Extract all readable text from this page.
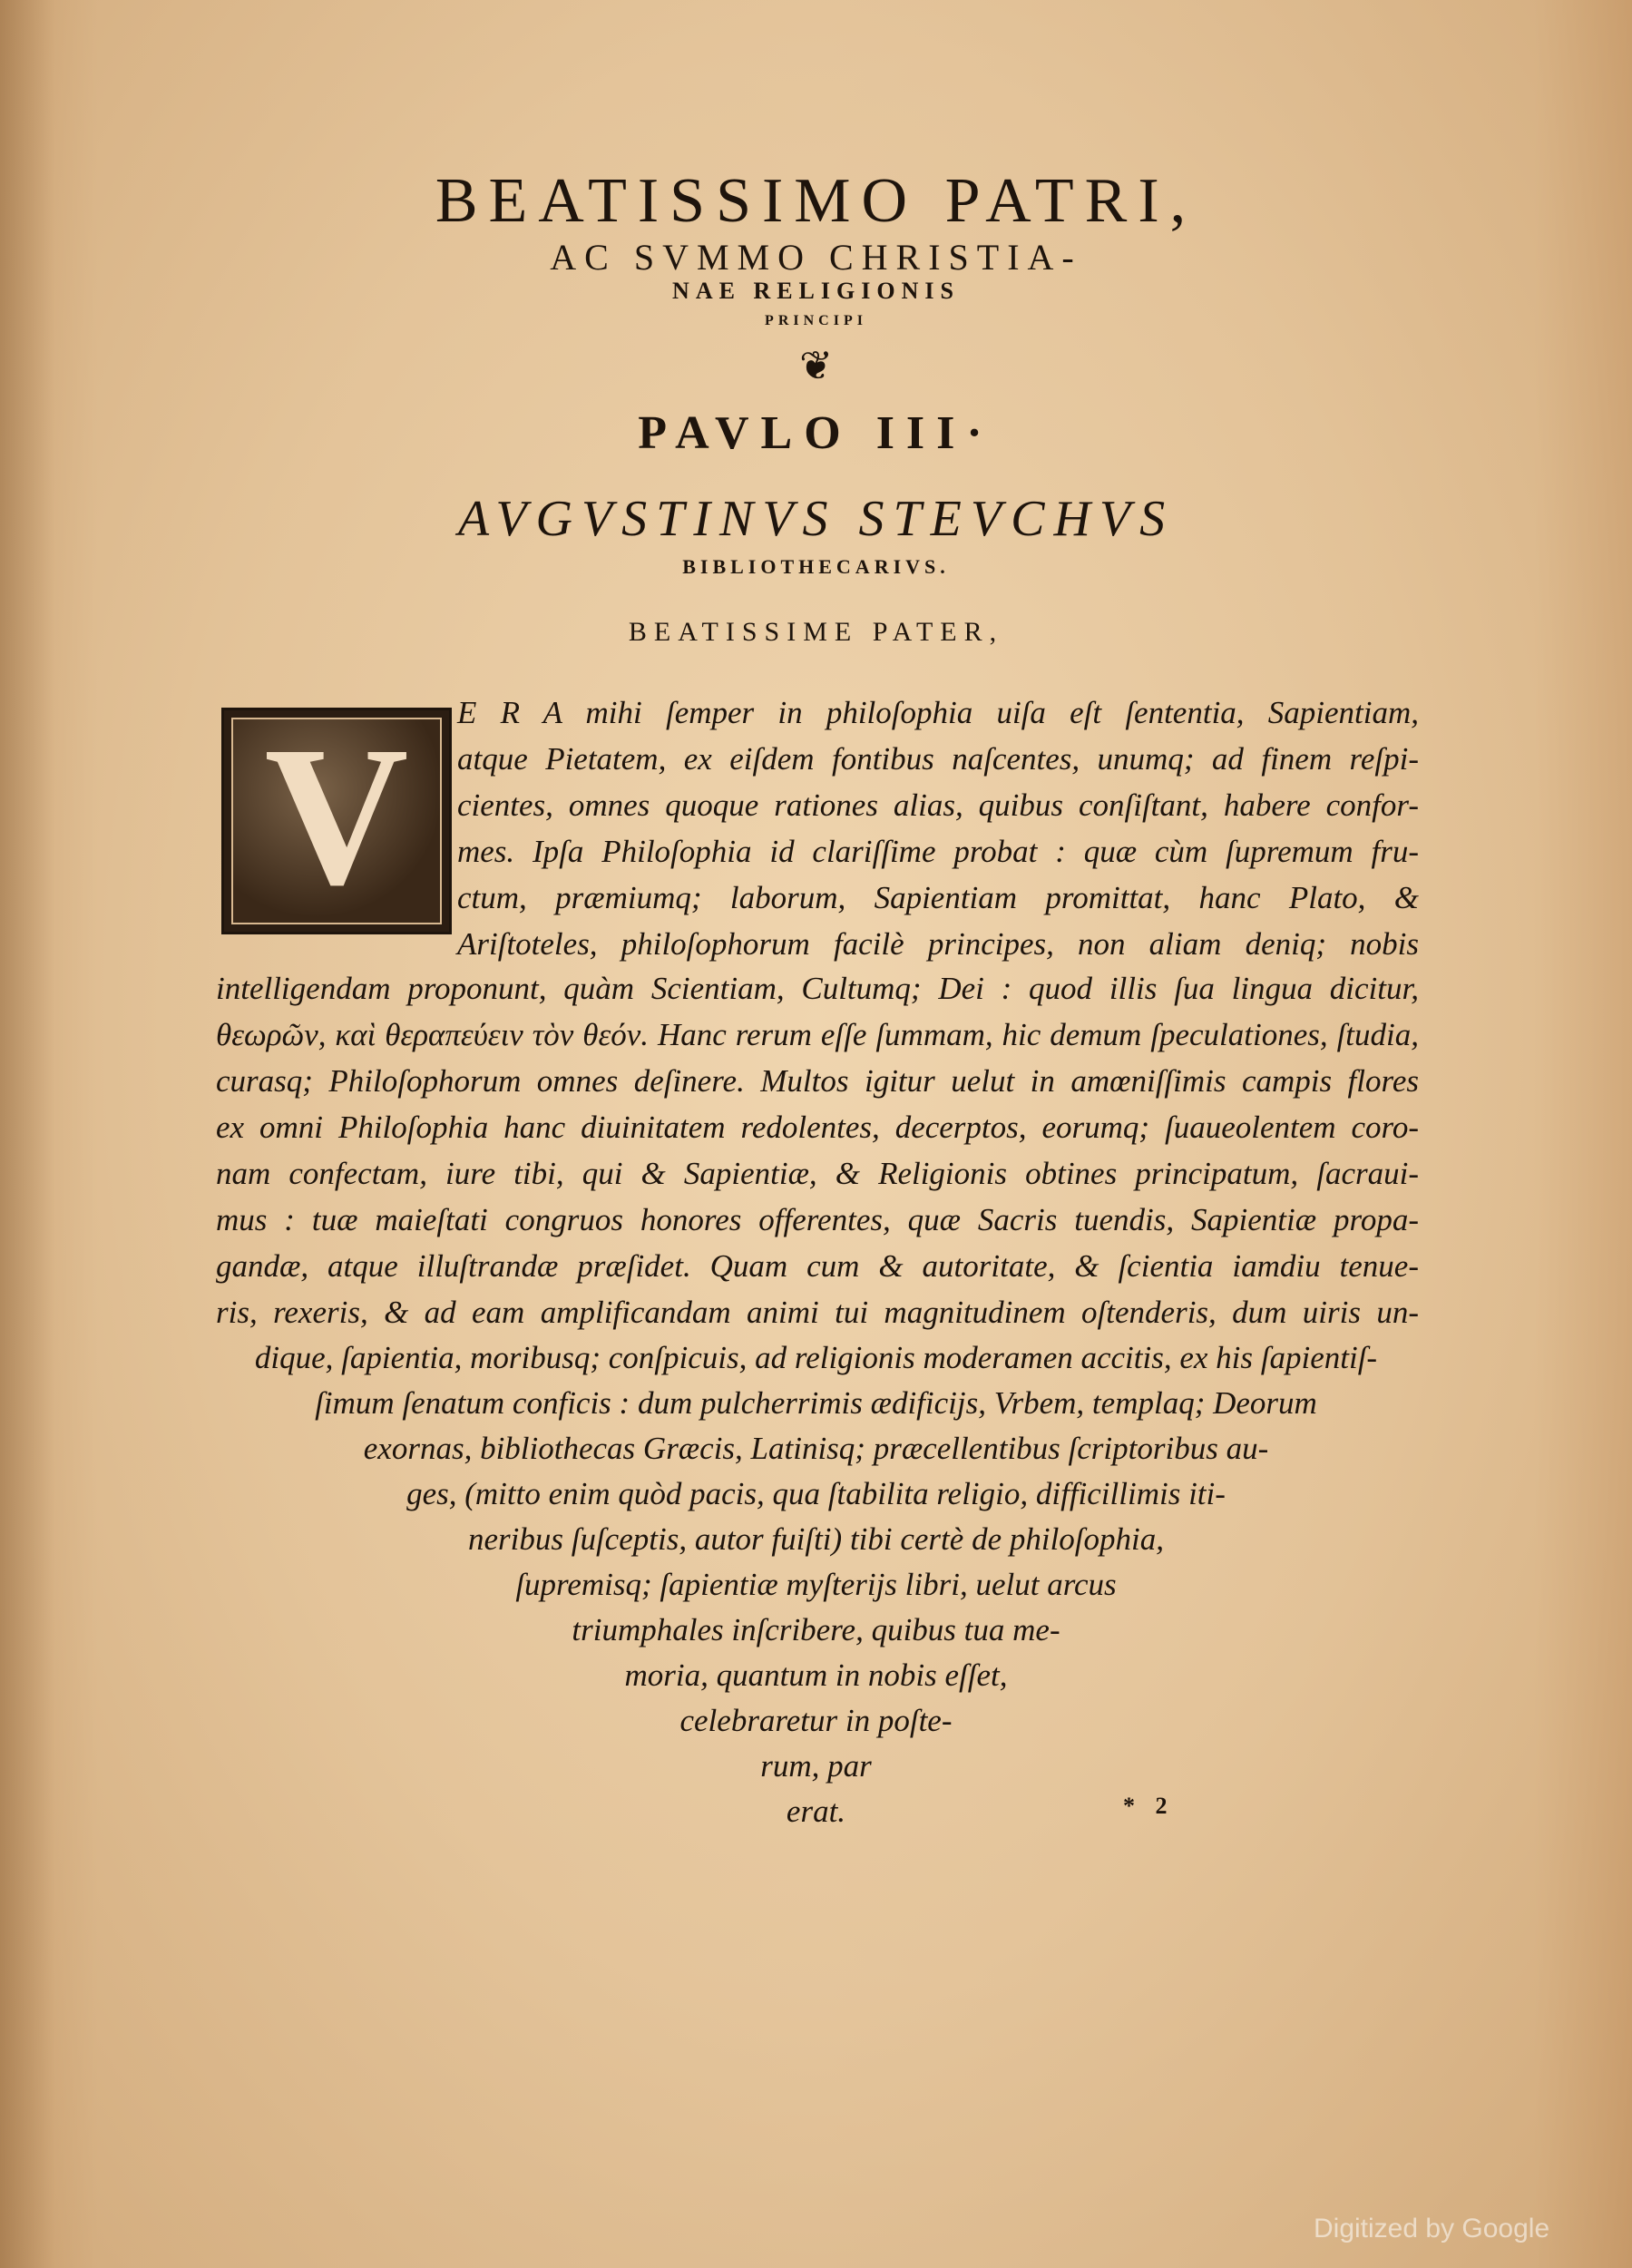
BEATISSIMO PATRI,
AC SVMMO CHRISTIA-
NAE RELIGIONIS
PRINCIPI
❦
PAVLO III·
AVGVSTINVS STEVCHVS
BIBLIOTHECARIVS.
BEATISSIME PATER,
V	E R A mihi ſemper in philoſophia uiſa eſt ſententia, Sapientiam,
atque Pietatem, ex eiſdem fontibus naſcentes, unumq; ad finem reſpi-
cientes, omnes quoque rationes alias, quibus conſiſtant, habere confor-
mes. Ipſa Philoſophia id clariſſime probat : quæ cùm ſupremum fru-
ctum, præmiumq; laborum, Sapientiam promittat, hanc Plato, &
Ariſtoteles, philoſophorum facilè principes, non aliam deniq; nobis
intelligendam proponunt, quàm Scientiam, Cultumq; Dei : quod illis ſua lingua dicitur,
θεωρῶν, καὶ θεραπεύειν τὸν θεόν. Hanc rerum eſſe ſummam, hic demum ſpeculationes, ſtudia,
curasq; Philoſophorum omnes deſinere. Multos igitur uelut in amœniſſimis campis flores
ex omni Philoſophia hanc diuinitatem redolentes, decerptos, eorumq; ſuaueolentem coro-
nam confectam, iure tibi, qui & Sapientiæ, & Religionis obtines principatum, ſacraui-
mus : tuæ maieſtati congruos honores offerentes, quæ Sacris tuendis, Sapientiæ propa-
gandæ, atque illuſtrandæ præſidet. Quam cum & autoritate, & ſcientia iamdiu tenue-
ris, rexeris, & ad eam amplificandam animi tui magnitudinem oſtenderis, dum uiris un-
dique, ſapientia, moribusq; conſpicuis, ad religionis moderamen accitis, ex his ſapientiſ-
ſimum ſenatum conficis : dum pulcherrimis ædificijs, Vrbem, templaq; Deorum
exornas, bibliothecas Græcis, Latinisq; præcellentibus ſcriptoribus au-
ges, (mitto enim quòd pacis, qua ſtabilita religio, difficillimis iti-
neribus ſuſceptis, autor fuiſti) tibi certè de philoſophia,
ſupremisq; ſapientiæ myſterijs libri, uelut arcus
triumphales inſcribere, quibus tua me-
moria, quantum in nobis eſſet,
celebraretur in poſte-
rum, par
erat.	* 2
Digitized by Google
